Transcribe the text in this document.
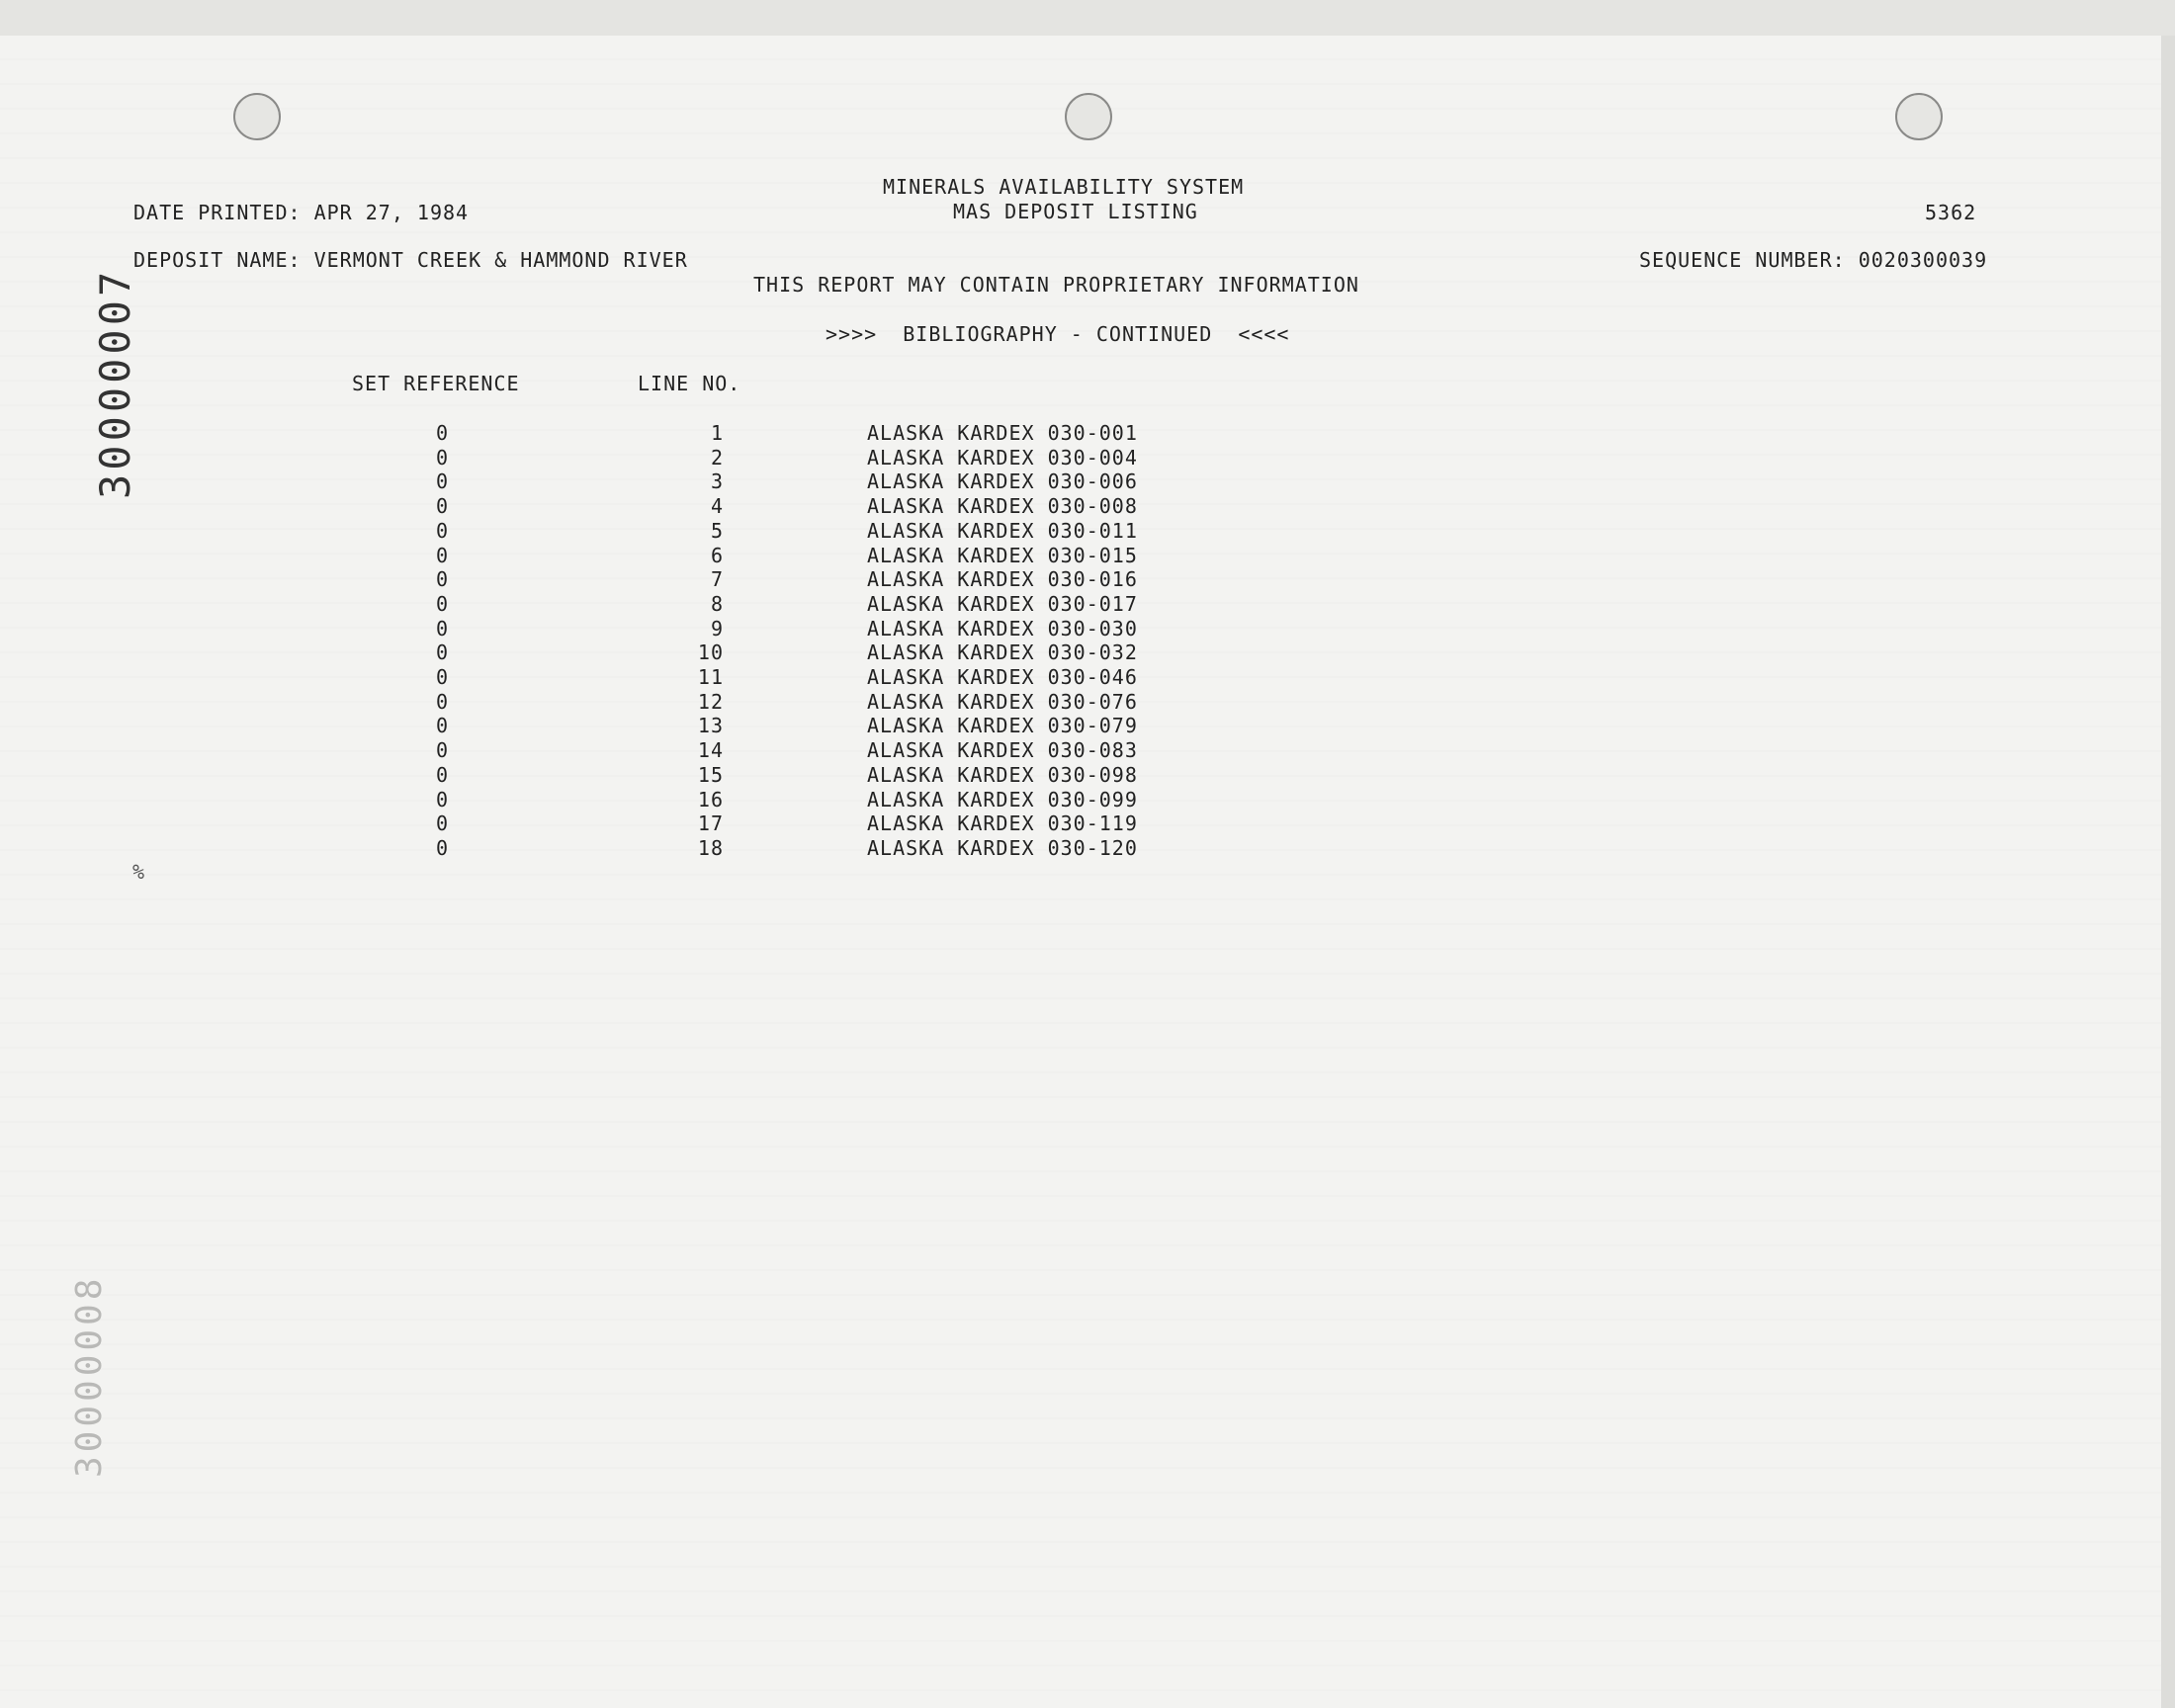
30000007
30000008
MINERALS AVAILABILITY SYSTEM
MAS DEPOSIT LISTING
DATE PRINTED: APR 27, 1984	5362
DEPOSIT NAME: VERMONT CREEK & HAMMOND RIVER	SEQUENCE NUMBER: 0020300039
THIS REPORT MAY CONTAIN PROPRIETARY INFORMATION
>>>>  BIBLIOGRAPHY - CONTINUED  <<<<
SET REFERENCE	LINE NO.
0	1	ALASKA KARDEX 030-001
0	2	ALASKA KARDEX 030-004
0	3	ALASKA KARDEX 030-006
0	4	ALASKA KARDEX 030-008
0	5	ALASKA KARDEX 030-011
0	6	ALASKA KARDEX 030-015
0	7	ALASKA KARDEX 030-016
0	8	ALASKA KARDEX 030-017
0	9	ALASKA KARDEX 030-030
0	10	ALASKA KARDEX 030-032
0	11	ALASKA KARDEX 030-046
0	12	ALASKA KARDEX 030-076
0	13	ALASKA KARDEX 030-079
0	14	ALASKA KARDEX 030-083
0	15	ALASKA KARDEX 030-098
0	16	ALASKA KARDEX 030-099
0	17	ALASKA KARDEX 030-119
0	18	ALASKA KARDEX 030-120
%
